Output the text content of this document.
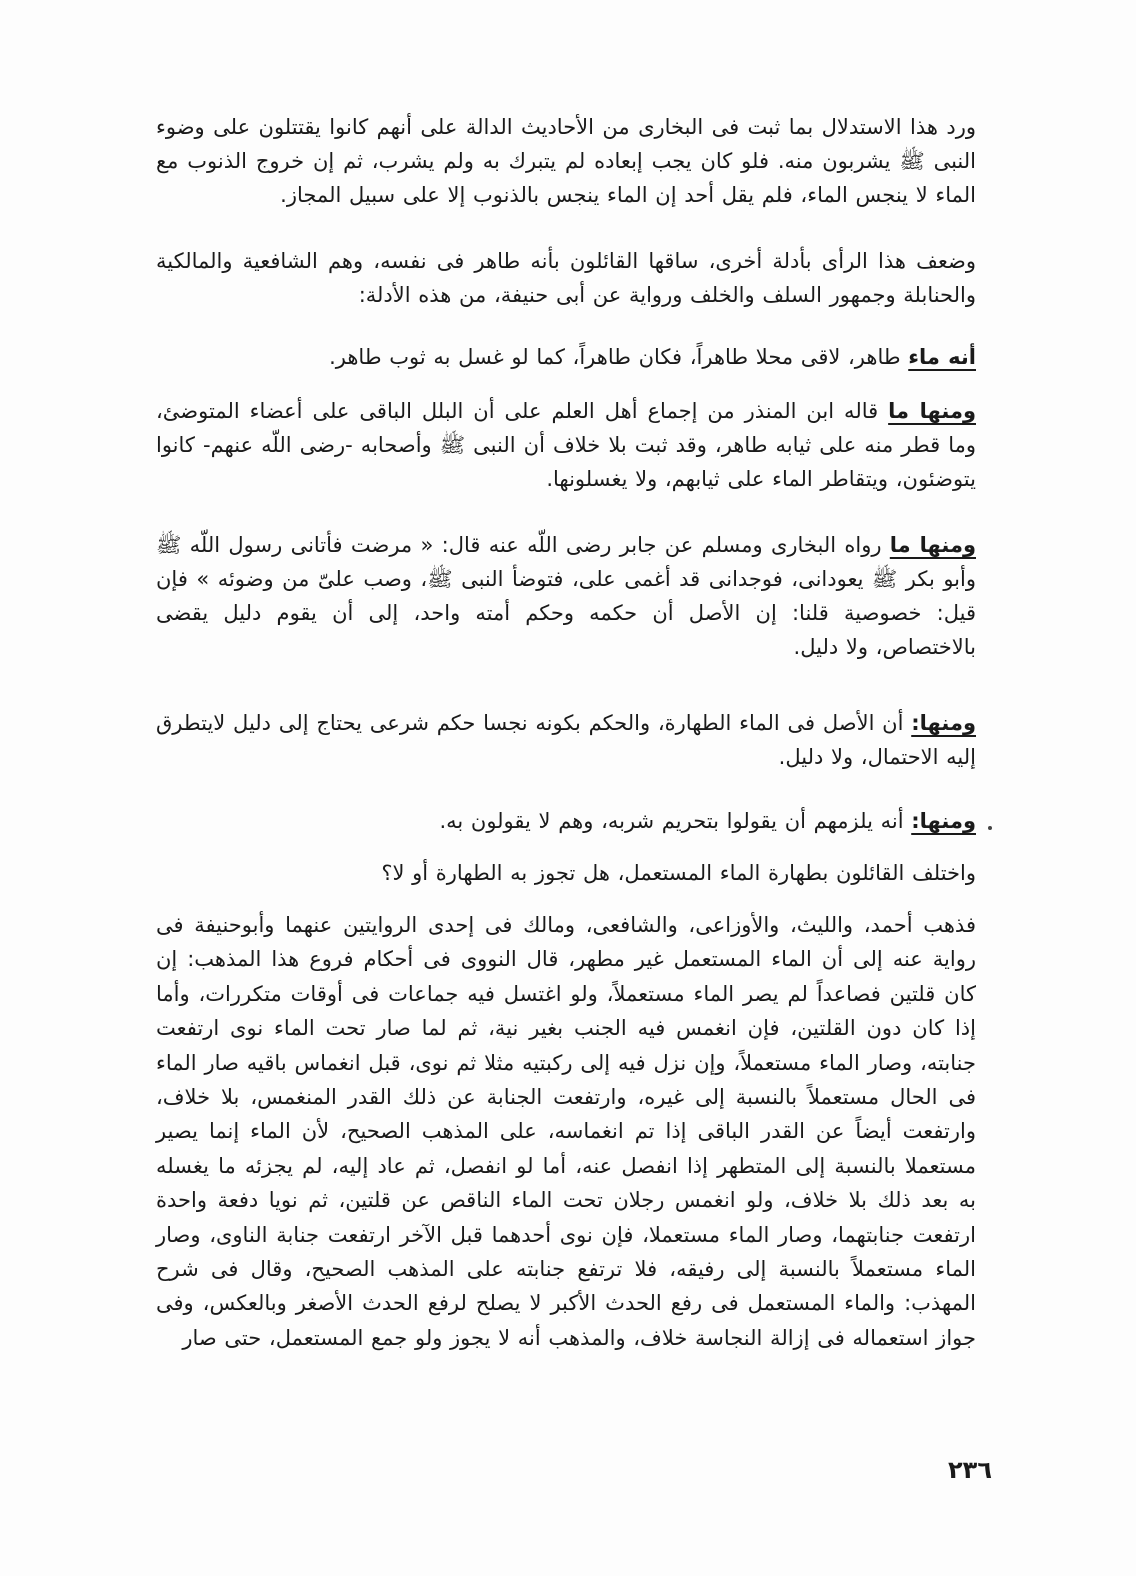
ورد هذا الاستدلال بما ثبت فى البخارى من الأحاديث الدالة على أنهم كانوا يقتتلون على وضوء النبى ﷺ يشربون منه. فلو كان يجب إبعاده لم يتبرك به ولم يشرب، ثم إن خروج الذنوب مع الماء لا ينجس الماء، فلم يقل أحد إن الماء ينجس بالذنوب إلا على سبيل المجاز.

وضعف هذا الرأى بأدلة أخرى، ساقها القائلون بأنه طاهر فى نفسه، وهم الشافعية والمالكية والحنابلة وجمهور السلف والخلف ورواية عن أبى حنيفة، من هذه الأدلة:

أنه ماء طاهر، لاقى محلا طاهراً، فكان طاهراً، كما لو غسل به ثوب طاهر.

ومنها ما قاله ابن المنذر من إجماع أهل العلم على أن البلل الباقى على أعضاء المتوضئ، وما قطر منه على ثيابه طاهر، وقد ثبت بلا خلاف أن النبى ﷺ وأصحابه -رضى اللّه عنهم- كانوا يتوضئون، ويتقاطر الماء على ثيابهم، ولا يغسلونها.

ومنها ما رواه البخارى ومسلم عن جابر رضى اللّه عنه قال: « مرضت فأتانى رسول اللّه ﷺ وأبو بكر ﷺ يعودانى، فوجدانى قد أغمى على، فتوضأ النبى ﷺ، وصب علىّ من وضوئه » فإن قيل: خصوصية قلنا: إن الأصل أن حكمه وحكم أمته واحد، إلى أن يقوم دليل يقضى بالاختصاص، ولا دليل.

ومنها: أن الأصل فى الماء الطهارة، والحكم بكونه نجسا حكم شرعى يحتاج إلى دليل لايتطرق إليه الاحتمال، ولا دليل.

ومنها: أنه يلزمهم أن يقولوا بتحريم شربه، وهم لا يقولون به.

واختلف القائلون بطهارة الماء المستعمل، هل تجوز به الطهارة أو لا؟

فذهب أحمد، والليث، والأوزاعى، والشافعى، ومالك فى إحدى الروايتين عنهما وأبوحنيفة فى رواية عنه إلى أن الماء المستعمل غير مطهر، قال النووى فى أحكام فروع هذا المذهب: إن كان قلتين فصاعداً لم يصر الماء مستعملاً، ولو اغتسل فيه جماعات فى أوقات متكررات، وأما إذا كان دون القلتين، فإن انغمس فيه الجنب بغير نية، ثم لما صار تحت الماء نوى ارتفعت جنابته، وصار الماء مستعملاً، وإن نزل فيه إلى ركبتيه مثلا ثم نوى، قبل انغماس باقيه صار الماء فى الحال مستعملاً بالنسبة إلى غيره، وارتفعت الجنابة عن ذلك القدر المنغمس، بلا خلاف، وارتفعت أيضاً عن القدر الباقى إذا تم انغماسه، على المذهب الصحيح، لأن الماء إنما يصير مستعملا بالنسبة إلى المتطهر إذا انفصل عنه، أما لو انفصل، ثم عاد إليه، لم يجزئه ما يغسله به بعد ذلك بلا خلاف، ولو انغمس رجلان تحت الماء الناقص عن قلتين، ثم نويا دفعة واحدة ارتفعت جنابتهما، وصار الماء مستعملا، فإن نوى أحدهما قبل الآخر ارتفعت جنابة الناوى، وصار الماء مستعملاً بالنسبة إلى رفيقه، فلا ترتفع جنابته على المذهب الصحيح، وقال فى شرح المهذب: والماء المستعمل فى رفع الحدث الأكبر لا يصلح لرفع الحدث الأصغر وبالعكس، وفى جواز استعماله فى إزالة النجاسة خلاف، والمذهب أنه لا يجوز ولو جمع المستعمل، حتى صار

٢٣٦
